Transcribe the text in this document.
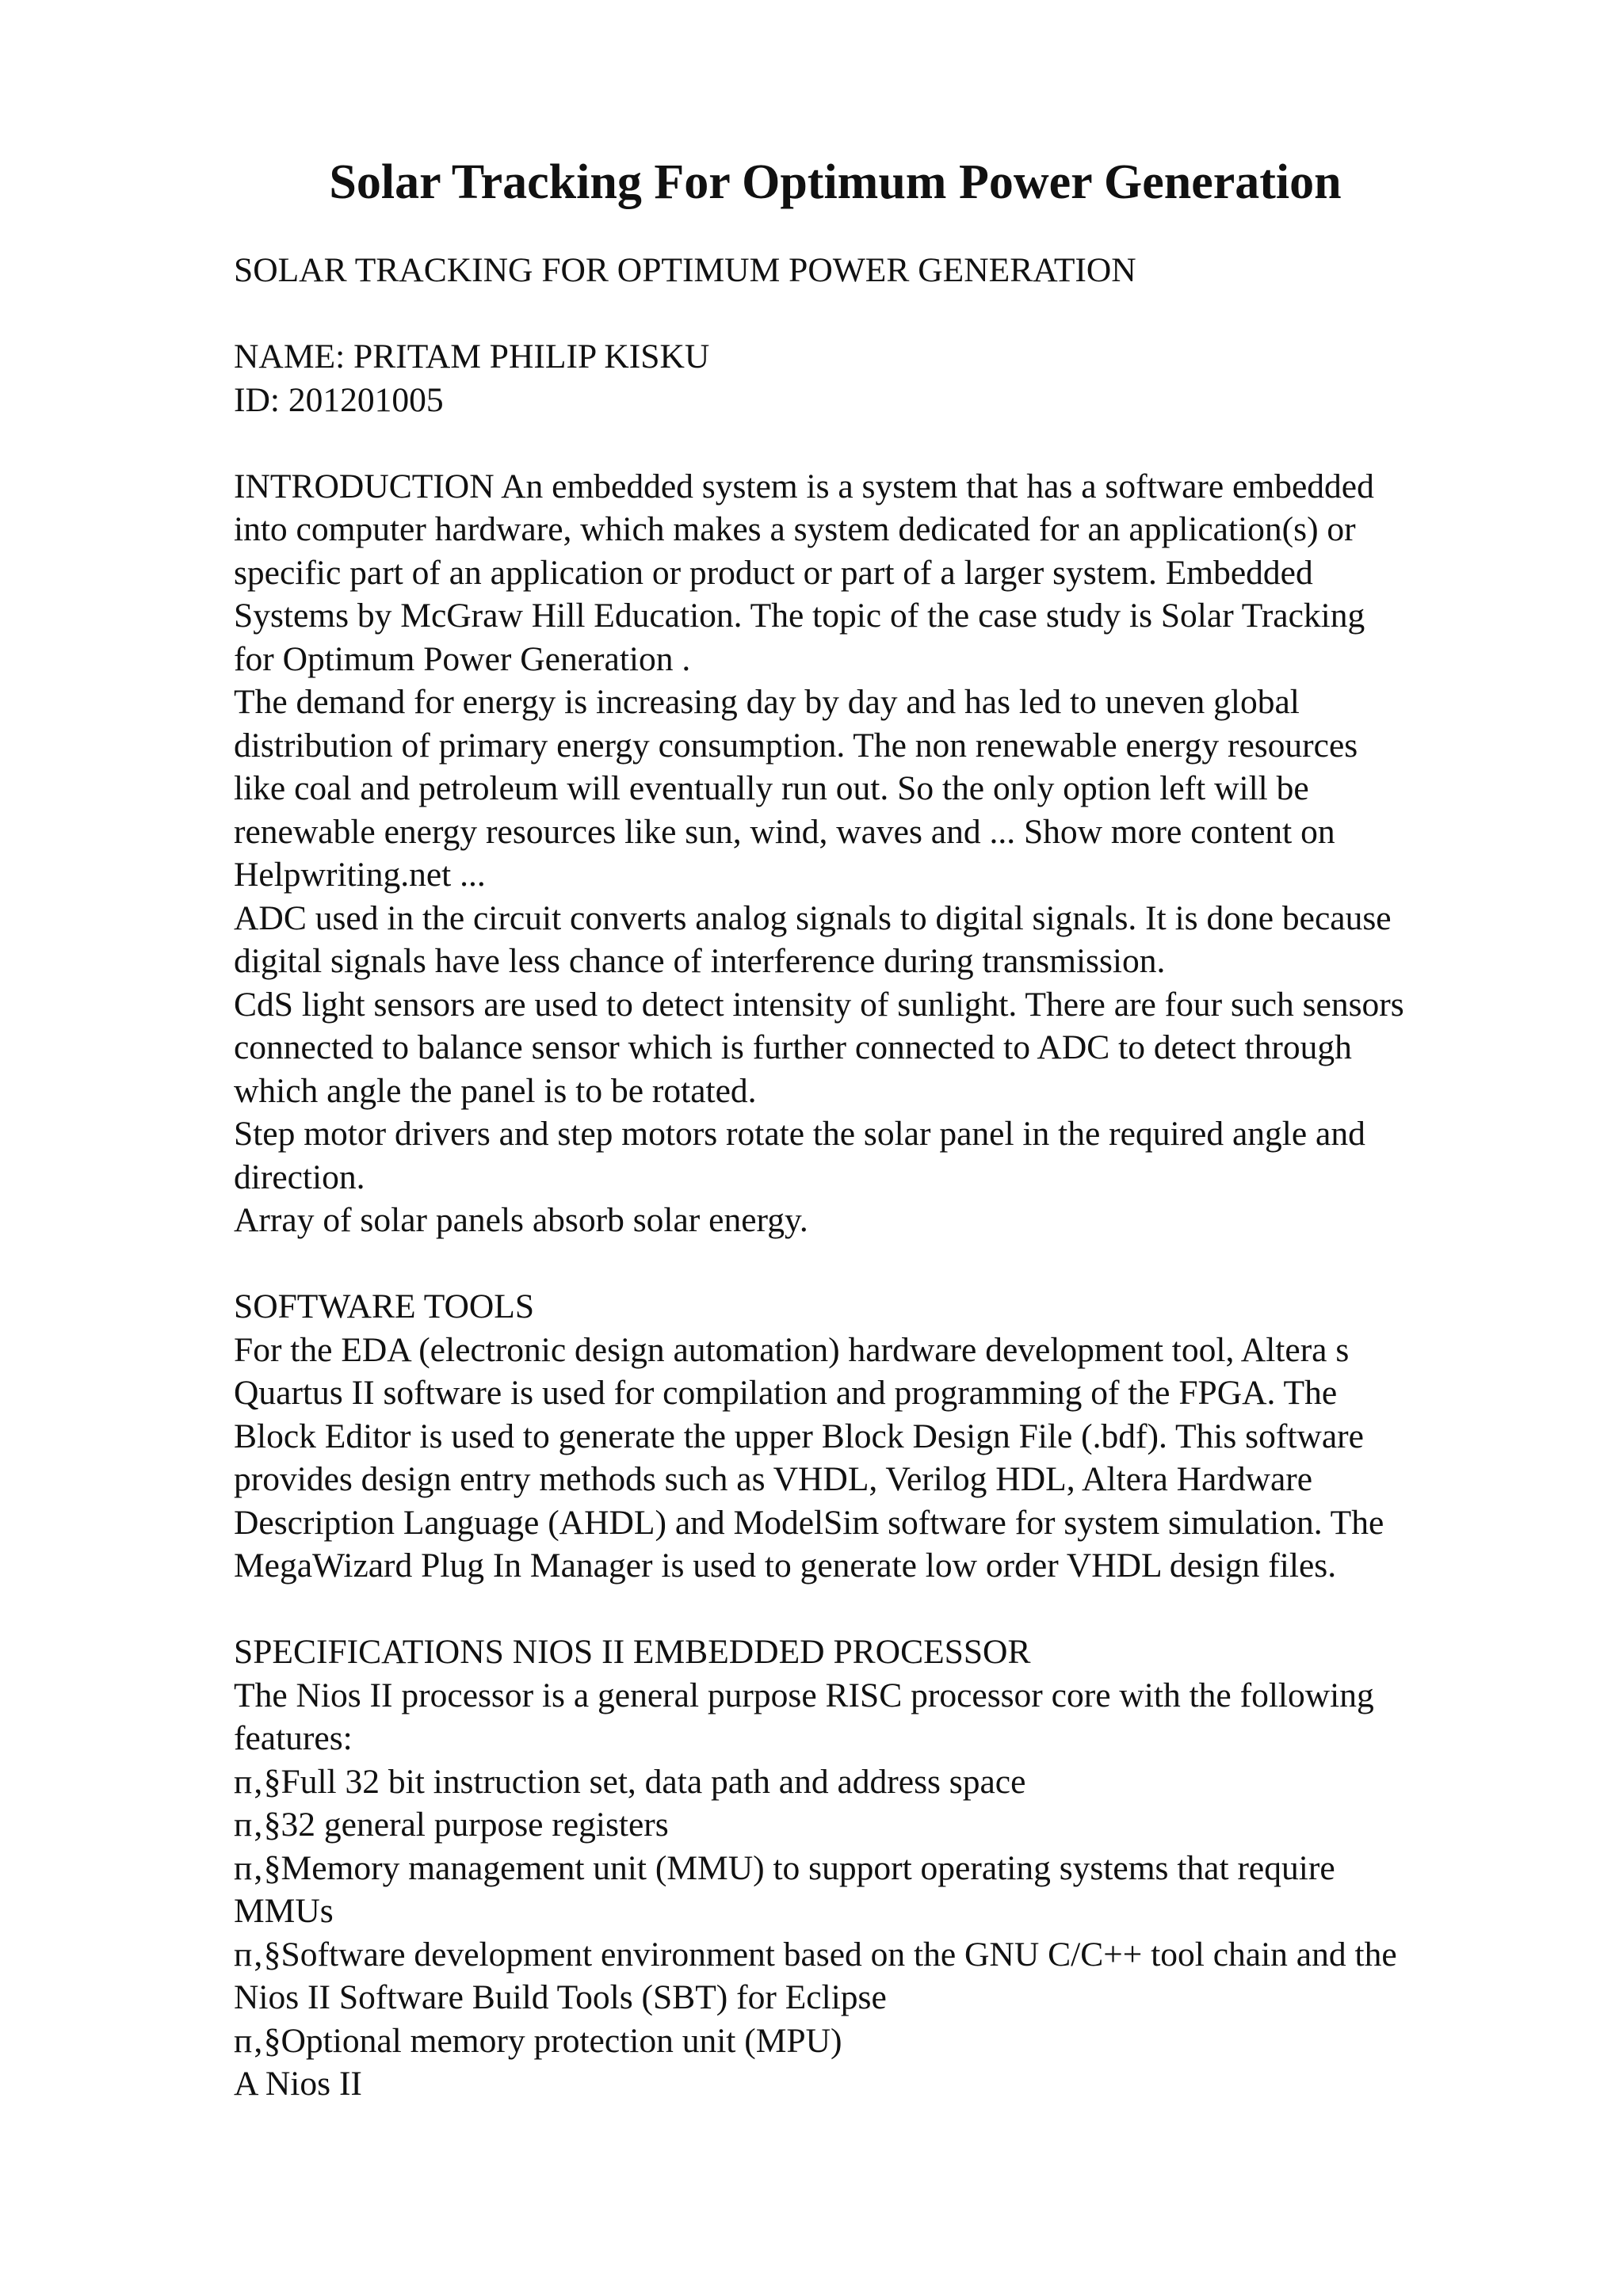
Solar Tracking For Optimum Power Generation
SOLAR TRACKING FOR OPTIMUM POWER GENERATION
NAME: PRITAM PHILIP KISKU
ID: 201201005
INTRODUCTION An embedded system is a system that has a software embedded
into computer hardware, which makes a system dedicated for an application(s) or
specific part of an application or product or part of a larger system. Embedded
Systems by McGraw Hill Education. The topic of the case study is Solar Tracking
for Optimum Power Generation .
The demand for energy is increasing day by day and has led to uneven global
distribution of primary energy consumption. The non renewable energy resources
like coal and petroleum will eventually run out. So the only option left will be
renewable energy resources like sun, wind, waves and ... Show more content on
Helpwriting.net ...
ADC used in the circuit converts analog signals to digital signals. It is done because
digital signals have less chance of interference during transmission.
CdS light sensors are used to detect intensity of sunlight. There are four such sensors
connected to balance sensor which is further connected to ADC to detect through
which angle the panel is to be rotated.
Step motor drivers and step motors rotate the solar panel in the required angle and
direction.
Array of solar panels absorb solar energy.
SOFTWARE TOOLS
For the EDA (electronic design automation) hardware development tool, Altera s
Quartus II software is used for compilation and programming of the FPGA. The
Block Editor is used to generate the upper Block Design File (.bdf). This software
provides design entry methods such as VHDL, Verilog HDL, Altera Hardware
Description Language (AHDL) and ModelSim software for system simulation. The
MegaWizard Plug In Manager is used to generate low order VHDL design files.
SPECIFICATIONS NIOS II EMBEDDED PROCESSOR
The Nios II processor is a general purpose RISC processor core with the following
features:
п‚§Full 32 bit instruction set, data path and address space
п‚§32 general purpose registers
п‚§Memory management unit (MMU) to support operating systems that require
MMUs
п‚§Software development environment based on the GNU C/C++ tool chain and the
Nios II Software Build Tools (SBT) for Eclipse
п‚§Optional memory protection unit (MPU)
A Nios II
